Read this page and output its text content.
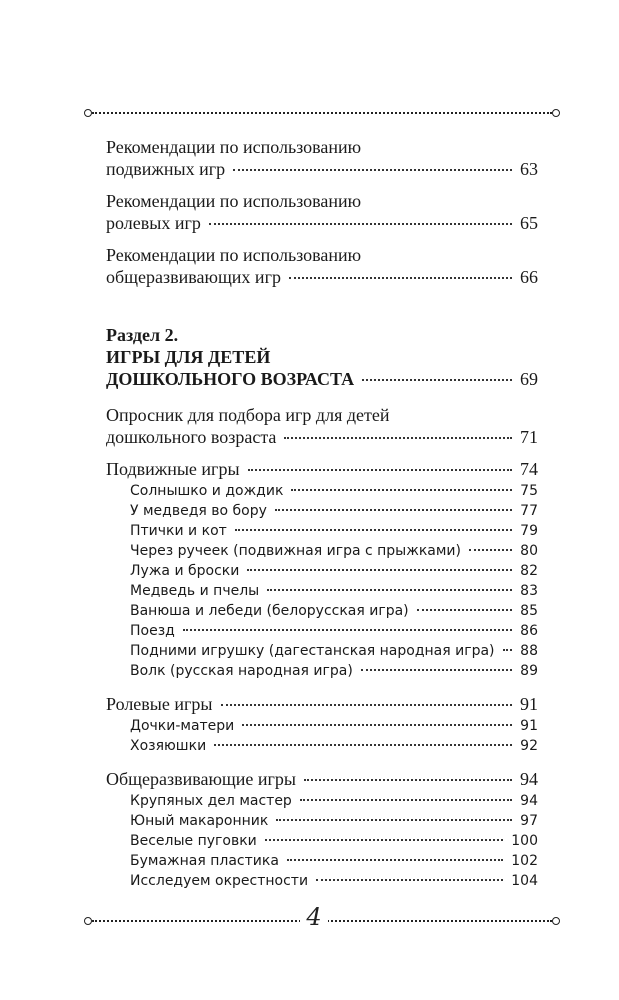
Рекомендации по использованию
подвижных игр	63
Рекомендации по использованию
ролевых игр	65
Рекомендации по использованию
общеразвивающих игр	66
Раздел 2.
ИГРЫ ДЛЯ ДЕТЕЙ
ДОШКОЛЬНОГО ВОЗРАСТА	69
Опросник для подбора игр для детей
дошкольного возраста	71
Подвижные игры	74
Солнышко и дождик	75
У медведя во бору	77
Птички и кот	79
Через ручеек (подвижная игра с прыжками)	80
Лужа и броски	82
Медведь и пчелы	83
Ванюша и лебеди (белорусская игра)	85
Поезд	86
Подними игрушку (дагестанская народная игра) 88
Волк (русская народная игра)	89
Ролевые игры	91
Дочки-матери	91
Хозяюшки	92
Общеразвивающие игры	94
Крупяных дел мастер	94
Юный макаронник	97
Веселые пуговки	100
Бумажная пластика	102
Исследуем окрестности	104
4
